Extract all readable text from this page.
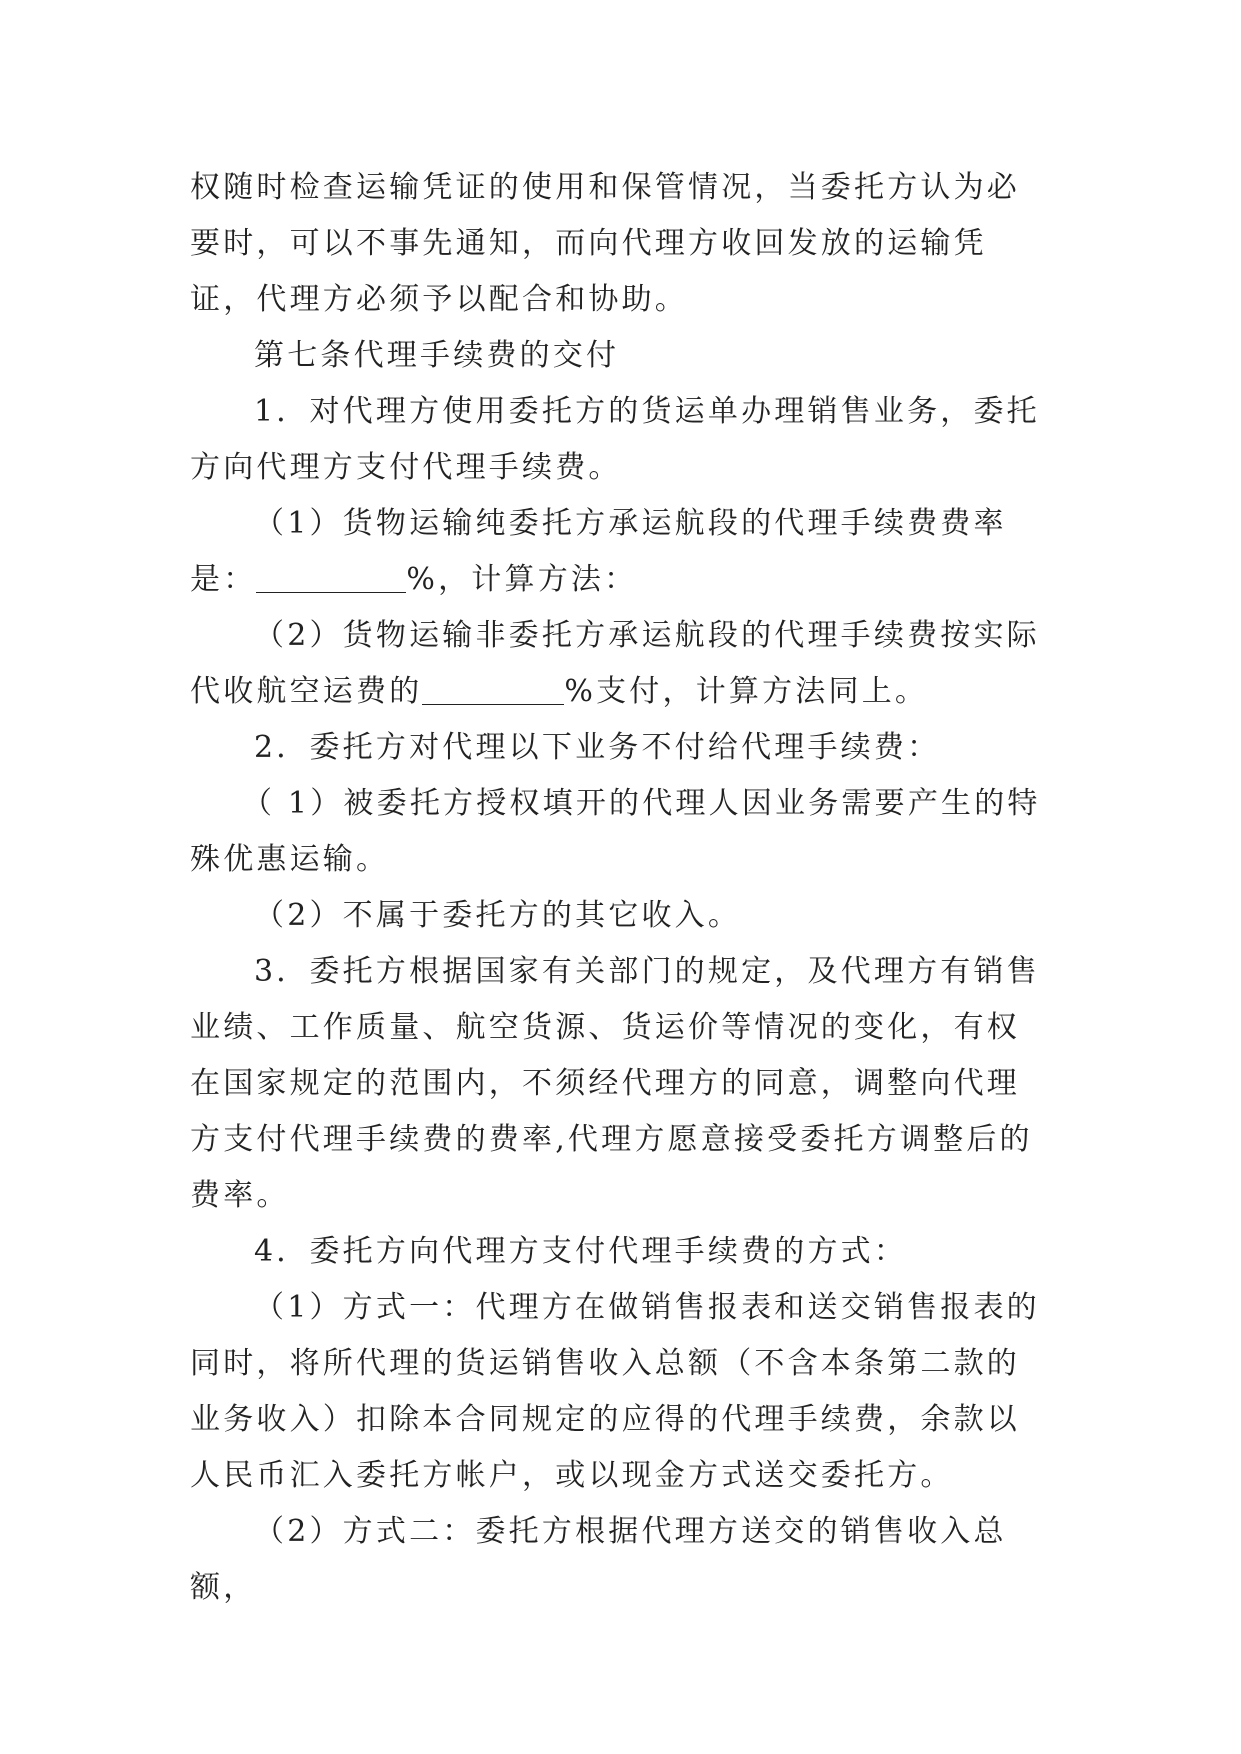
权随时检查运输凭证的使用和保管情况，当委托方认为必要时，可以不事先通知，而向代理方收回发放的运输凭证，代理方必须予以配合和协助。

第七条代理手续费的交付

1．对代理方使用委托方的货运单办理销售业务，委托方向代理方支付代理手续费。

（1）货物运输纯委托方承运航段的代理手续费费率是：	%，计算方法：

（2）货物运输非委托方承运航段的代理手续费按实际代收航空运费的	%支付，计算方法同上。

2．委托方对代理以下业务不付给代理手续费：

（ 1）被委托方授权填开的代理人因业务需要产生的特殊优惠运输。

（2）不属于委托方的其它收入。

3．委托方根据国家有关部门的规定，及代理方有销售业绩、工作质量、航空货源、货运价等情况的变化，有权在国家规定的范围内，不须经代理方的同意，调整向代理方支付代理手续费的费率,代理方愿意接受委托方调整后的费率。

4．委托方向代理方支付代理手续费的方式：

（1）方式一：代理方在做销售报表和送交销售报表的同时，将所代理的货运销售收入总额（不含本条第二款的业务收入）扣除本合同规定的应得的代理手续费，余款以人民币汇入委托方帐户，或以现金方式送交委托方。

（2）方式二：委托方根据代理方送交的销售收入总额，
